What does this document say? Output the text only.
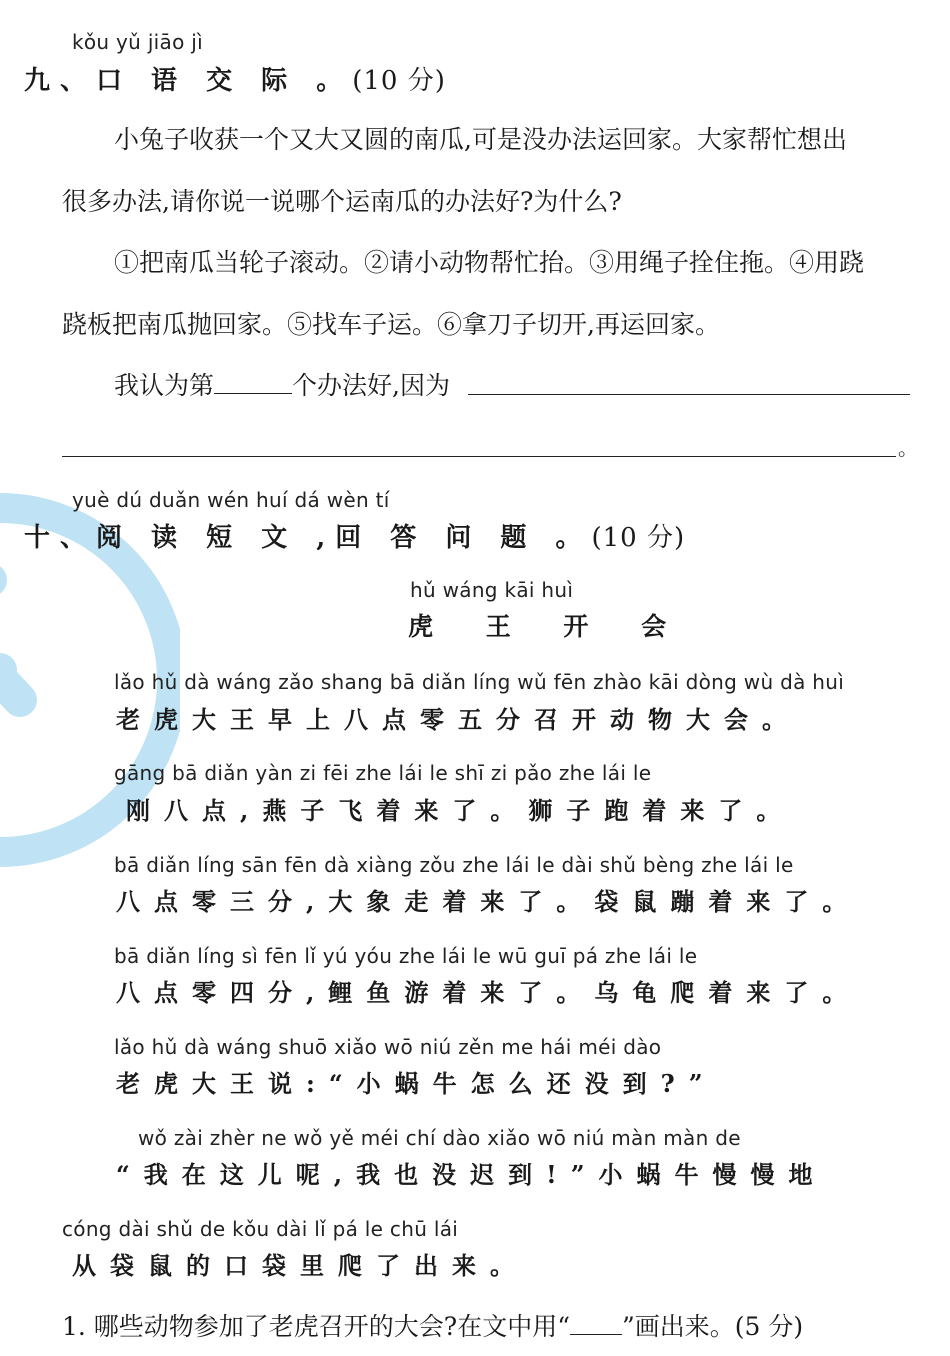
kǒu yǔ jiāo jì
九、口 语 交 际 。(10 分)
小兔子收获一个又大又圆的南瓜,可是没办法运回家。大家帮忙想出
很多办法,请你说一说哪个运南瓜的办法好?为什么?
①把南瓜当轮子滚动。②请小动物帮忙抬。③用绳子拴住拖。④用跷
跷板把南瓜抛回家。⑤找车子运。⑥拿刀子切开,再运回家。
我认为第	个办法好,因为
。
yuè dú duǎn wén huí dá wèn tí
十、阅 读 短 文 ,回 答 问 题 。(10 分)
hǔ wáng kāi huì
虎 王 开 会
lǎo hǔ dà wáng zǎo shang bā diǎn líng wǔ fēn zhào kāi dòng wù dà huì
老虎大王早上八点零五分召开动物大会。
gāng bā diǎn yàn zi fēi zhe lái le shī zi pǎo zhe lái le
刚八点,燕子飞着来了。狮子跑着来了。
bā diǎn líng sān fēn dà xiàng zǒu zhe lái le dài shǔ bèng zhe lái le
八点零三分,大象走着来了。袋鼠蹦着来了。
bā diǎn líng sì fēn lǐ yú yóu zhe lái le wū guī pá zhe lái le
八点零四分,鲤鱼游着来了。乌龟爬着来了。
lǎo hǔ dà wáng shuō xiǎo wō niú zěn me hái méi dào
老虎大王说:“小蜗牛怎么还没到?”
wǒ zài zhèr ne wǒ yě méi chí dào xiǎo wō niú màn màn de
“我在这儿呢,我也没迟到!”小蜗牛慢慢地
cóng dài shǔ de kǒu dài lǐ pá le chū lái
从袋鼠的口袋里爬了出来。
1. 哪些动物参加了老虎召开的大会?在文中用“ ”画出来。(5 分)
